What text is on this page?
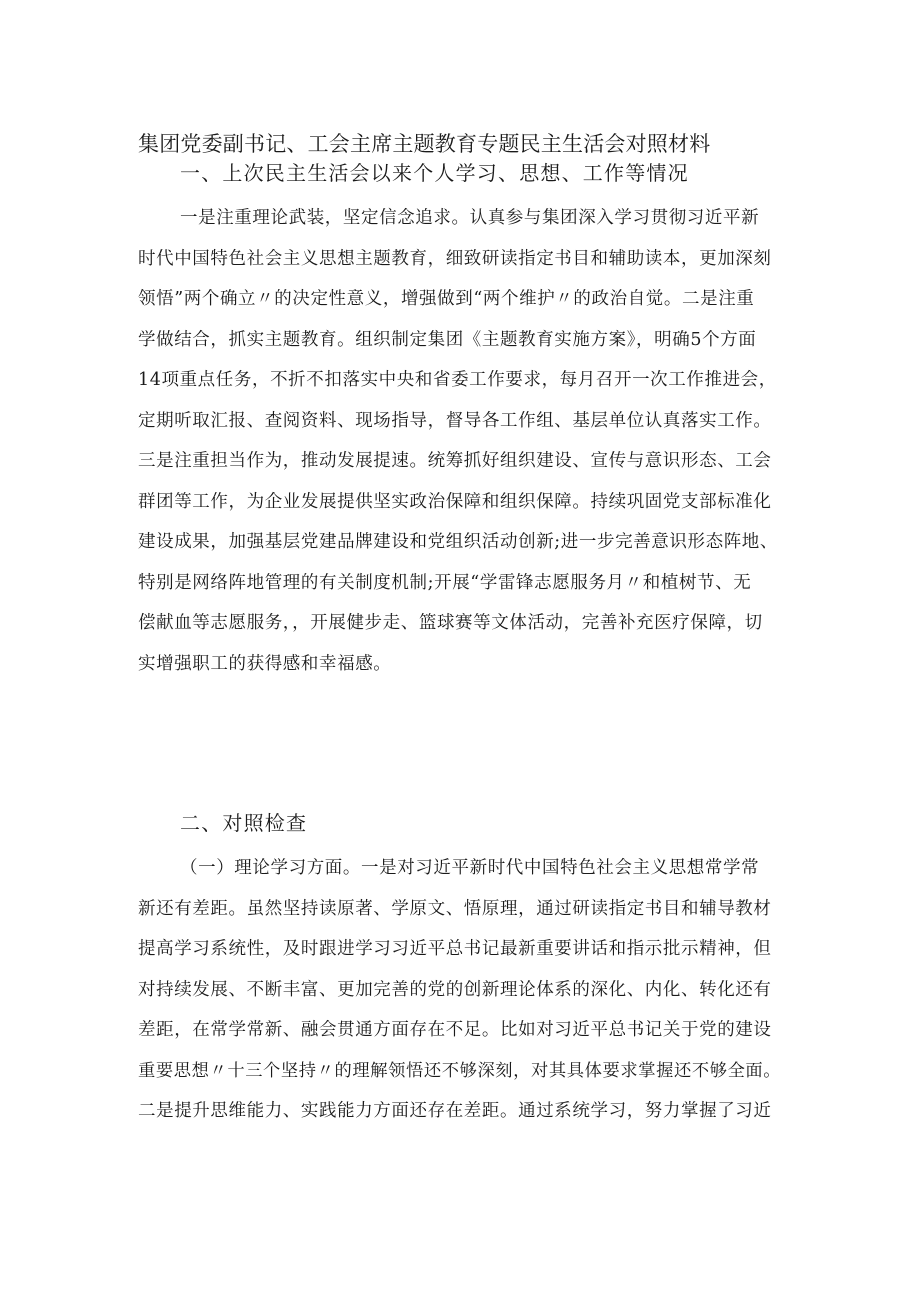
集团党委副书记、工会主席主题教育专题民主生活会对照材料
一、上次民主生活会以来个人学习、思想、工作等情况
一是注重理论武装，坚定信念追求。认真参与集团深入学习贯彻习近平新
时代中国特色社会主义思想主题教育，细致研读指定书目和辅助读本，更加深刻
领悟”两个确立〃的决定性意义，增强做到“两个维护〃的政治自觉。二是注重
学做结合，抓实主题教育。组织制定集团《主题教育实施方案》，明确5个方面
14项重点任务，不折不扣落实中央和省委工作要求，每月召开一次工作推进会，
定期听取汇报、查阅资料、现场指导，督导各工作组、基层单位认真落实工作。
三是注重担当作为，推动发展提速。统筹抓好组织建设、宣传与意识形态、工会
群团等工作，为企业发展提供坚实政治保障和组织保障。持续巩固党支部标准化
建设成果，加强基层党建品牌建设和党组织活动创新;进一步完善意识形态阵地、
特别是网络阵地管理的有关制度机制;开展“学雷锋志愿服务月〃和植树节、无
偿献血等志愿服务，，开展健步走、篮球赛等文体活动，完善补充医疗保障，切
实增强职工的获得感和幸福感。
二、对照检查
（一）理论学习方面。一是对习近平新时代中国特色社会主义思想常学常
新还有差距。虽然坚持读原著、学原文、悟原理，通过研读指定书目和辅导教材
提高学习系统性，及时跟进学习习近平总书记最新重要讲话和指示批示精神，但
对持续发展、不断丰富、更加完善的党的创新理论体系的深化、内化、转化还有
差距，在常学常新、融会贯通方面存在不足。比如对习近平总书记关于党的建设
重要思想〃十三个坚持〃的理解领悟还不够深刻，对其具体要求掌握还不够全面。
二是提升思维能力、实践能力方面还存在差距。通过系统学习，努力掌握了习近
